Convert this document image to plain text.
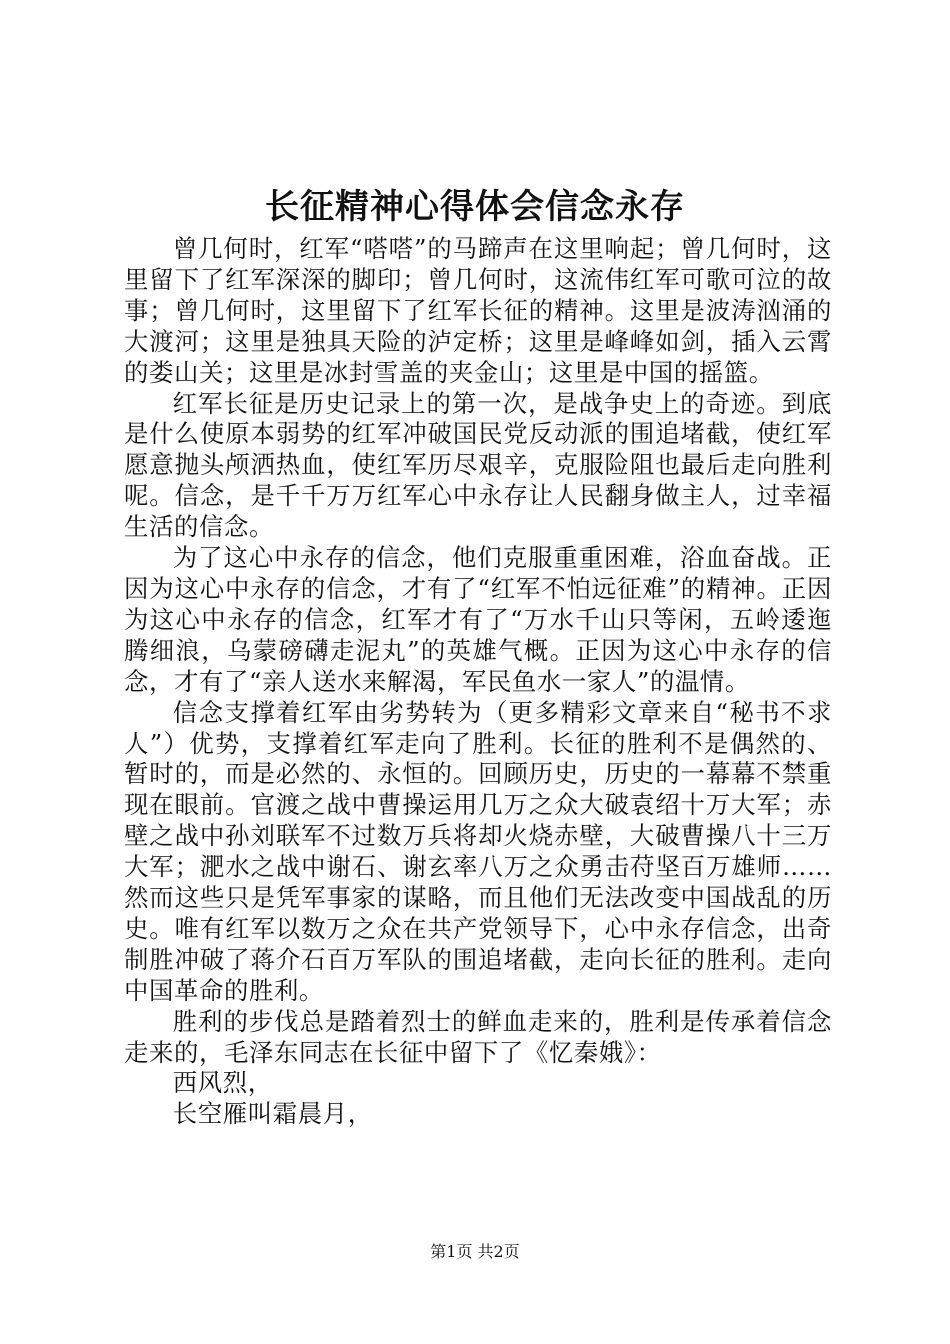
长征精神心得体会信念永存

曾几何时，红军“嗒嗒”的马蹄声在这里响起；曾几何时，这里留下了红军深深的脚印；曾几何时，这流伟红军可歌可泣的故事；曾几何时，这里留下了红军长征的精神。这里是波涛汹涌的大渡河；这里是独具天险的泸定桥；这里是峰峰如剑，插入云霄的娄山关；这里是冰封雪盖的夹金山；这里是中国的摇篮。

红军长征是历史记录上的第一次，是战争史上的奇迹。到底是什么使原本弱势的红军冲破国民党反动派的围追堵截，使红军愿意抛头颅洒热血，使红军历尽艰辛，克服险阻也最后走向胜利呢。信念，是千千万万红军心中永存让人民翻身做主人，过幸福生活的信念。

为了这心中永存的信念，他们克服重重困难，浴血奋战。正因为这心中永存的信念，才有了“红军不怕远征难”的精神。正因为这心中永存的信念，红军才有了“万水千山只等闲，五岭逶迤腾细浪，乌蒙磅礴走泥丸”的英雄气概。正因为这心中永存的信念，才有了“亲人送水来解渴，军民鱼水一家人”的温情。

信念支撑着红军由劣势转为（更多精彩文章来自“秘书不求人”）优势，支撑着红军走向了胜利。长征的胜利不是偶然的、暂时的，而是必然的、永恒的。回顾历史，历史的一幕幕不禁重现在眼前。官渡之战中曹操运用几万之众大破袁绍十万大军；赤壁之战中孙刘联军不过数万兵将却火烧赤壁，大破曹操八十三万大军；淝水之战中谢石、谢玄率八万之众勇击苻坚百万雄师……然而这些只是凭军事家的谋略，而且他们无法改变中国战乱的历史。唯有红军以数万之众在共产党领导下，心中永存信念，出奇制胜冲破了蒋介石百万军队的围追堵截，走向长征的胜利。走向中国革命的胜利。

胜利的步伐总是踏着烈士的鲜血走来的，胜利是传承着信念走来的，毛泽东同志在长征中留下了《忆秦娥》：

西风烈，

长空雁叫霜晨月，

第1页 共2页
